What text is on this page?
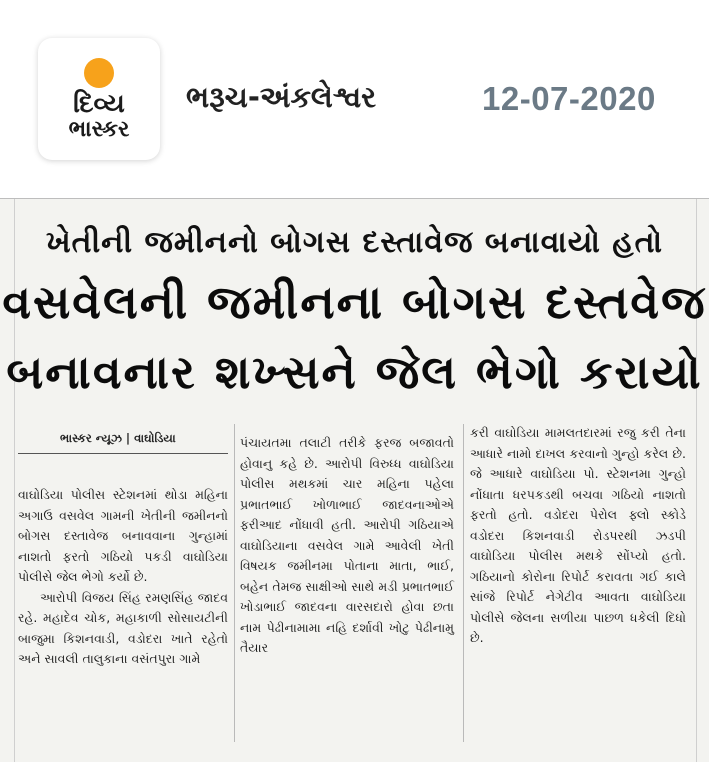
દિવ્ય
ભાસ્કર
ભરૂચ-અંકલેશ્વર	12-07-2020
ખેતીની જમીનનો બોગસ દસ્તાવેજ બનાવાયો હતો
વસવેલની જમીનના બોગસ દસ્તવેજ
બનાવનાર શખ્સને જેલ ભેગો કરાયો
ભાસ્કર ન્યૂઝ | વાઘોડિયા

વાઘોડિયા પોલીસ સ્ટેશનમાં થોડા મહિના અગાઉ વસવેલ ગામની ખેતીની જમીનનો બોગસ દસ્તાવેજ બનાવવાના ગુન્હામાં નાશતો ફરતો ગઠિયો પકડી વાઘોડિયા પોલીસે જેલ ભેગો કર્યો છે.

આરોપી વિજય સિંહ રમણસિંહ જાદવ રહે. મહાદેવ ચોક, મહાકાળી સોસાયટીની બાજુમા કિશનવાડી, વડોદરા ખાતે રહેતો અને સાવલી તાલુકાના વસંતપુરા ગામે

પંચાયતમા તલાટી તરીકે ફરજ બજાવતો હોવાનુ કહે છે. આરોપી વિરુધ્ધ વાઘોડિયા પોલીસ મથકમાં ચાર મહિના પહેલા પ્રભાતભાઈ ખોળાભાઈ જાદવનાઓએ ફરીઆદ નોંધાવી હતી. આરોપી ગઠિયાએ વાઘોડિયાના વસવેલ ગામે આવેલી ખેતી વિષયક જમીનમા પોતાના માતા, ભાઈ, બહેન તેમજ સાક્ષીઓ સાથે મડી પ્રભાતભાઈ ખોડાભાઈ જાદવના વારસદારો હોવા છતા નામ પેઢીનામામા નહિ દર્શાવી ખોટુ પેઢીનામુ તૈયાર

કરી વાઘોડિયા મામલતદારમાં રજુ કરી તેના આધારે નામો દાખલ કરવાનો ગુન્હો કરેલ છે. જે આધારે વાઘોડિયા પો. સ્ટેશનમા ગુન્હો નોંધાતા ધરપકડથી બચવા ગઠિયો નાશતો ફરતો હતો. વડોદરા પેરોલ ફ્લો સ્કોડે વડોદરા કિશનવાડી રોડપરથી ઝડપી વાઘોડિયા પોલીસ મથકે સોંપ્યો હતો. ગઠિયાનો કોરોના રિપોર્ટ કરાવતા ગઈ કાલે સાંજે રિપોર્ટ નેગેટીવ આવતા વાઘોડિયા પોલીસે જેલના સળીયા પાછળ ધકેલી દિધો છે.
